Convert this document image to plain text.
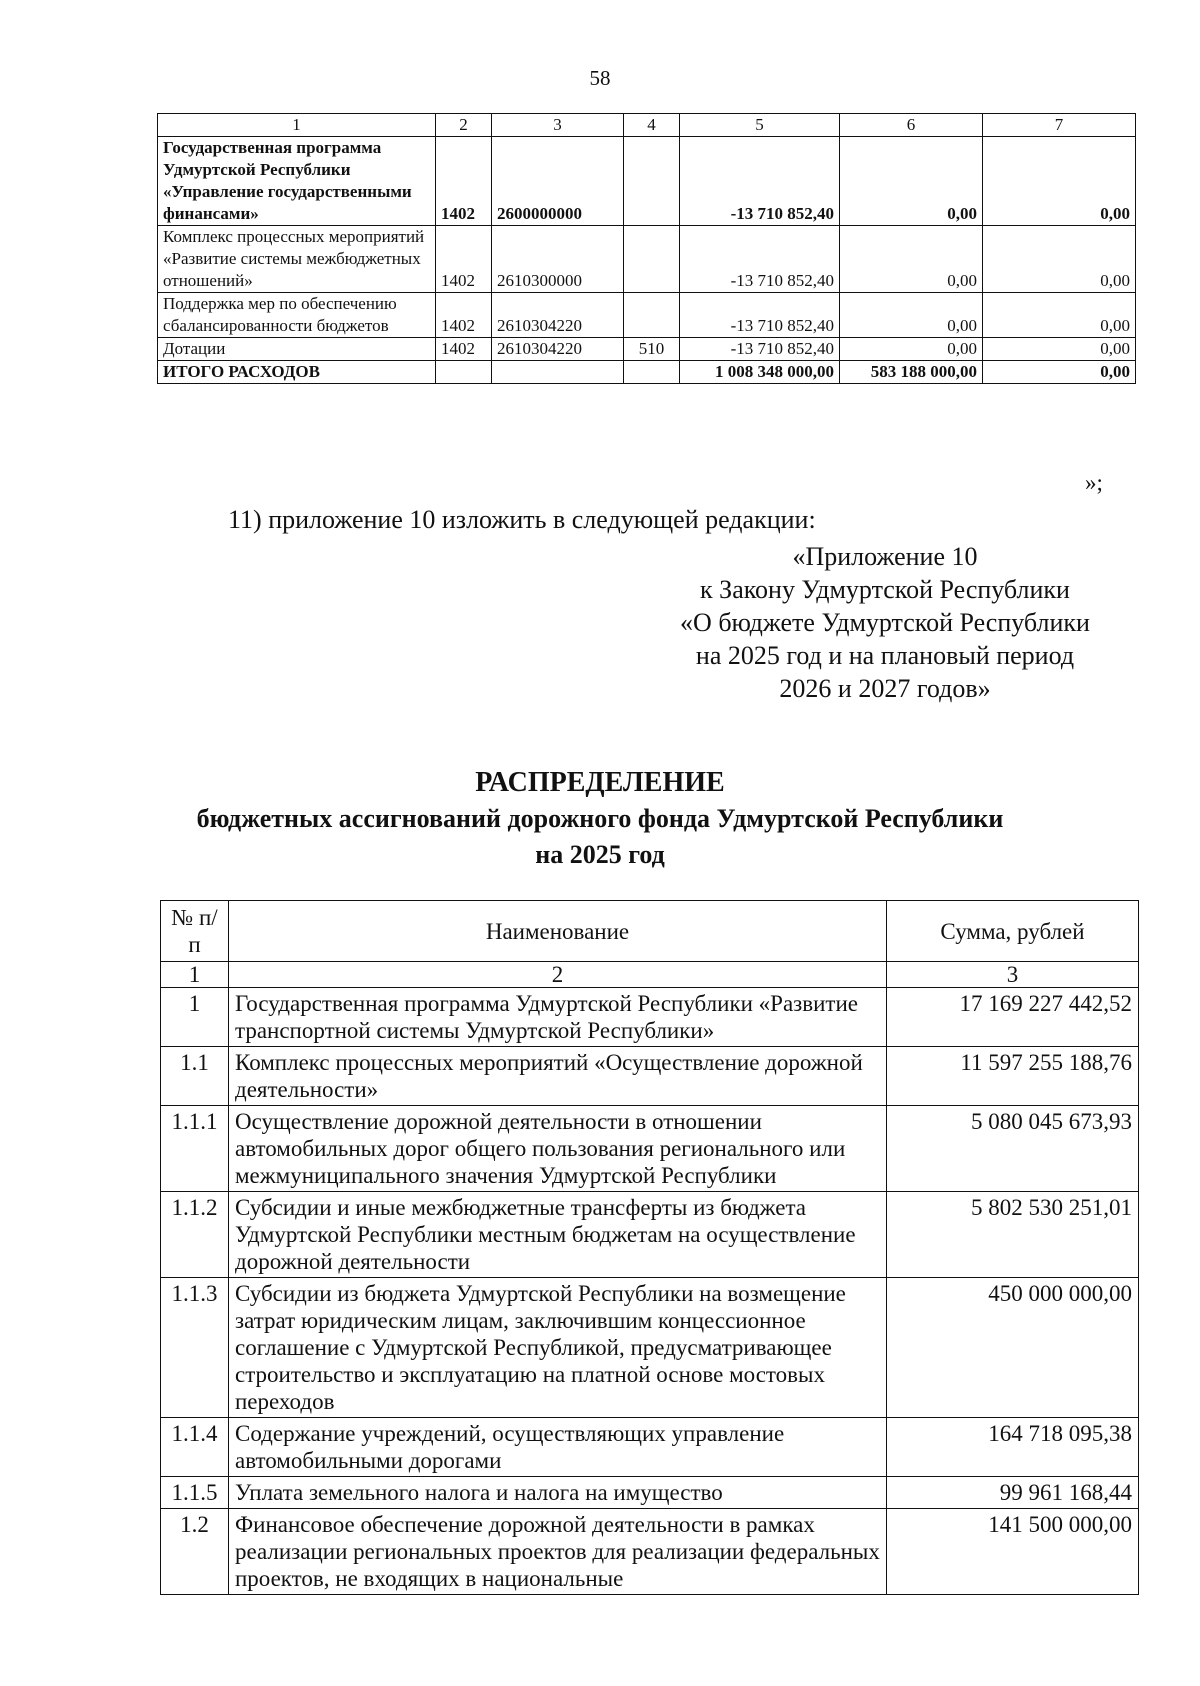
58
1	2	3	4	5	6	7
Государственная программа Удмуртской Республики «Управление государственными финансами»	1402	2600000000		-13 710 852,40	0,00	0,00
Комплекс процессных мероприятий «Развитие системы межбюджетных отношений»	1402	2610300000		-13 710 852,40	0,00	0,00
Поддержка мер по обеспечению сбалансированности бюджетов	1402	2610304220		-13 710 852,40	0,00	0,00
Дотации	1402	2610304220	510	-13 710 852,40	0,00	0,00
ИТОГО РАСХОДОВ				1 008 348 000,00	583 188 000,00	0,00
»;
11) приложение 10 изложить в следующей редакции:
«Приложение 10
к Закону Удмуртской Республики
«О бюджете Удмуртской Республики
на 2025 год и на плановый период
2026 и 2027 годов»
РАСПРЕДЕЛЕНИЕ
бюджетных ассигнований дорожного фонда Удмуртской Республики
на 2025 год
№ п/п	Наименование	Сумма, рублей
1	2	3
1	Государственная программа Удмуртской Республики «Развитие транспортной системы Удмуртской Республики»	17 169 227 442,52
1.1	Комплекс процессных мероприятий «Осуществление дорожной деятельности»	11 597 255 188,76
1.1.1	Осуществление дорожной деятельности в отношении автомобильных дорог общего пользования регионального или межмуниципального значения Удмуртской Республики	5 080 045 673,93
1.1.2	Субсидии и иные межбюджетные трансферты из бюджета Удмуртской Республики местным бюджетам на осуществление дорожной деятельности	5 802 530 251,01
1.1.3	Субсидии из бюджета Удмуртской Республики на возмещение затрат юридическим лицам, заключившим концессионное соглашение с Удмуртской Республикой, предусматривающее строительство и эксплуатацию на платной основе мостовых переходов	450 000 000,00
1.1.4	Содержание учреждений, осуществляющих управление автомобильными дорогами	164 718 095,38
1.1.5	Уплата земельного налога и налога на имущество	99 961 168,44
1.2	Финансовое обеспечение дорожной деятельности в рамках реализации региональных проектов для реализации федеральных проектов, не входящих в национальные	141 500 000,00
